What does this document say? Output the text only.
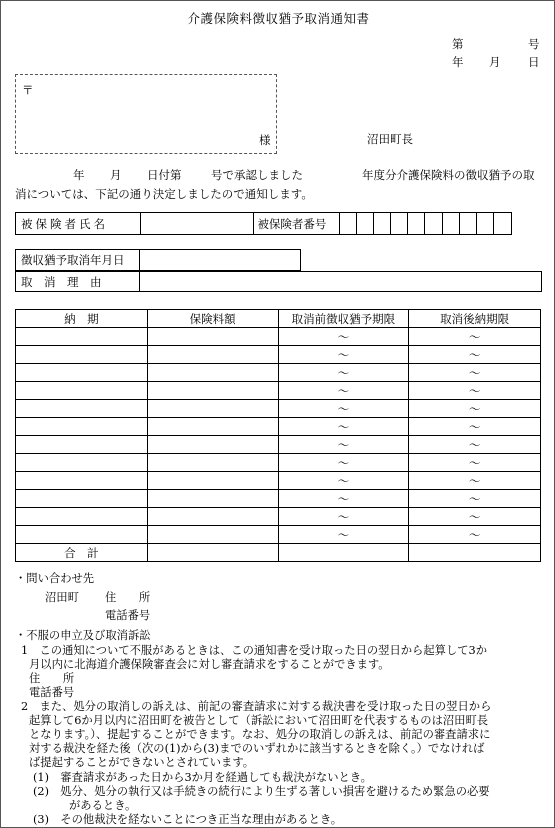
介護保険料徴収猶予取消通知書
第	号
年 月 日
〒
様	沼田町長
年 月 日付第	号で承認しました	年度分介護保険料の徴収猶予の取
消については、下記の通り決定しましたので通知します。
被保険者氏名		被保険者番号										
徴収猶予取消年月日	
取　消　理　由	
納　期	保険料額	取消前徴収猶予期限	取消後納期限
		～	～
		～	～
		～	～
		～	～
		～	～
		～	～
		～	～
		～	～
		～	～
		～	～
		～	～
		～	～
合　計			
・問い合わせ先
沼田町 住　　所
電話番号
・不服の申立及び取消訴訟
1　この通知について不服があるときは、この通知書を受け取った日の翌日から起算して3か
月以内に北海道介護保険審査会に対し審査請求をすることができます。
住　　所
電話番号
2　また、処分の取消しの訴えは、前記の審査請求に対する裁決書を受け取った日の翌日から
起算して6か月以内に沼田町を被告として（訴訟において沼田町を代表するものは沼田町長
となります。）、提起することができます。なお、処分の取消しの訴えは、前記の審査請求に
対する裁決を経た後（次の(1)から(3)までのいずれかに該当するときを除く。）でなければ
ば提起することができないとされています。
(1)　審査請求があった日から3か月を経過しても裁決がないとき。
(2)　処分、処分の執行又は手続きの続行により生ずる著しい損害を避けるため緊急の必要
があるとき。
(3)　その他裁決を経ないことにつき正当な理由があるとき。
